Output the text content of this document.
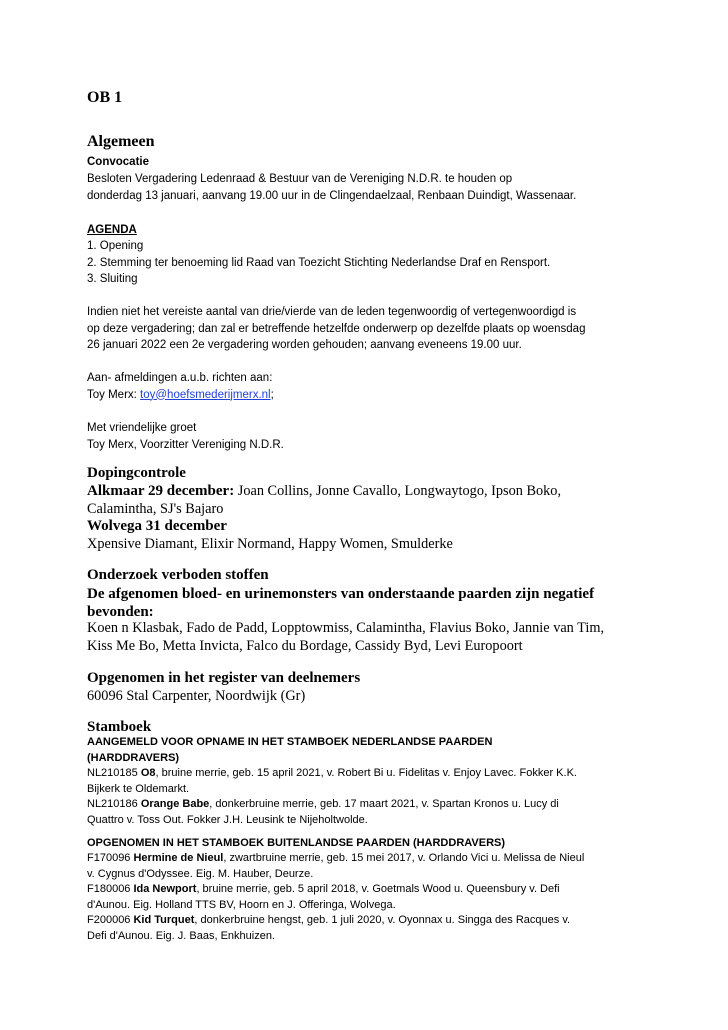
OB 1
Algemeen
Convocatie
Besloten Vergadering Ledenraad & Bestuur van de Vereniging N.D.R. te houden op
donderdag 13 januari, aanvang 19.00 uur in de Clingendaelzaal, Renbaan Duindigt, Wassenaar.
AGENDA
1. Opening
2. Stemming ter benoeming lid Raad van Toezicht Stichting Nederlandse Draf en Rensport.
3. Sluiting
Indien niet het vereiste aantal van drie/vierde van de leden tegenwoordig of vertegenwoordigd is
op deze vergadering; dan zal er betreffende hetzelfde onderwerp op dezelfde plaats op woensdag
26 januari 2022 een 2e vergadering worden gehouden; aanvang eveneens 19.00 uur.
Aan- afmeldingen a.u.b. richten aan:
Toy Merx: toy@hoefsmederijmerx.nl;
Met vriendelijke groet
Toy Merx, Voorzitter Vereniging N.D.R.
Dopingcontrole
Alkmaar 29 december: Joan Collins, Jonne Cavallo, Longwaytogo, Ipson Boko,
Calamintha, SJ's Bajaro
Wolvega 31 december
Xpensive Diamant, Elixir Normand, Happy Women, Smulderke
Onderzoek verboden stoffen
De afgenomen bloed- en urinemonsters van onderstaande paarden zijn negatief
bevonden:
Koen n Klasbak, Fado de Padd, Lopptowmiss, Calamintha, Flavius Boko, Jannie van Tim,
Kiss Me Bo, Metta Invicta, Falco du Bordage, Cassidy Byd, Levi Europoort
Opgenomen in het register van deelnemers
60096 Stal Carpenter, Noordwijk (Gr)
Stamboek
AANGEMELD VOOR OPNAME IN HET STAMBOEK NEDERLANDSE PAARDEN
(HARDDRAVERS)
NL210185 O8, bruine merrie, geb. 15 april 2021, v. Robert Bi u. Fidelitas v. Enjoy Lavec. Fokker K.K.
Bijkerk te Oldemarkt.
NL210186 Orange Babe, donkerbruine merrie, geb. 17 maart 2021, v. Spartan Kronos u. Lucy di
Quattro v. Toss Out. Fokker J.H. Leusink te Nijeholtwolde.
OPGENOMEN IN HET STAMBOEK BUITENLANDSE PAARDEN (HARDDRAVERS)
F170096 Hermine de Nieul, zwartbruine merrie, geb. 15 mei 2017, v. Orlando Vici u. Melissa de Nieul
v. Cygnus d'Odyssee. Eig. M. Hauber, Deurze.
F180006 Ida Newport, bruine merrie, geb. 5 april 2018, v. Goetmals Wood u. Queensbury v. Defi
d'Aunou. Eig. Holland TTS BV, Hoorn en J. Offeringa, Wolvega.
F200006 Kid Turquet, donkerbruine hengst, geb. 1 juli 2020, v. Oyonnax u. Singga des Racques v.
Defi d'Aunou. Eig. J. Baas, Enkhuizen.
